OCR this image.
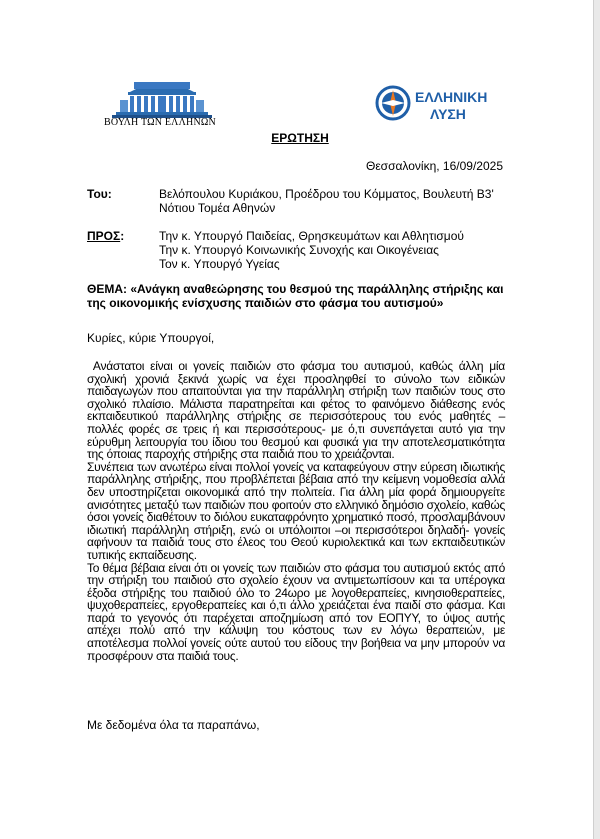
ΒΟΥΛΗ ΤΩΝ ΕΛΛΗΝΩΝ
ΕΛΛΗΝΙΚΗ
ΛΥΣΗ
ΕΡΩΤΗΣΗ
Θεσσαλονίκη, 16/09/2025
Του:	Βελόπουλου Κυριάκου, Προέδρου του Κόμματος, Βουλευτή Β3' Νότιου Τομέα Αθηνών
ΠΡΟΣ:	Την κ. Υπουργό Παιδείας, Θρησκευμάτων και Αθλητισμού
Την κ. Υπουργό Κοινωνικής Συνοχής και Οικογένειας
Τον κ. Υπουργό Υγείας
ΘΕΜΑ: «Ανάγκη αναθεώρησης του θεσμού της παράλληλης στήριξης και της οικονομικής ενίσχυσης παιδιών στο φάσμα του αυτισμού»
Κυρίες, κύριε Υπουργοί,

Ανάστατοι είναι οι γονείς παιδιών στο φάσμα του αυτισμού, καθώς άλλη μία σχολική χρονιά ξεκινά χωρίς να έχει προσληφθεί το σύνολο των ειδικών παιδαγωγών που απαιτούνται για την παράλληλη στήριξη των παιδιών τους στο σχολικό πλαίσιο. Μάλιστα παρατηρείται και φέτος το φαινόμενο διάθεσης ενός εκπαιδευτικού παράλληλης στήριξης σε περισσότερους του ενός μαθητές – πολλές φορές σε τρεις ή και περισσότερους- με ό,τι συνεπάγεται αυτό για την εύρυθμη λειτουργία του ίδιου του θεσμού και φυσικά για την αποτελεσματικότητα της όποιας παροχής στήριξης στα παιδιά που το χρειάζονται.

Συνέπεια των ανωτέρω είναι πολλοί γονείς να καταφεύγουν στην εύρεση ιδιωτικής παράλληλης στήριξης, που προβλέπεται βέβαια από την κείμενη νομοθεσία αλλά δεν υποστηρίζεται οικονομικά από την πολιτεία. Για άλλη μία φορά δημιουργείτε ανισότητες μεταξύ των παιδιών που φοιτούν στο ελληνικό δημόσιο σχολείο, καθώς όσοι γονείς διαθέτουν το διόλου ευκαταφρόνητο χρηματικό ποσό, προσλαμβάνουν ιδιωτική παράλληλη στήριξη, ενώ οι υπόλοιποι –οι περισσότεροι δηλαδή- γονείς αφήνουν τα παιδιά τους στο έλεος του Θεού κυριολεκτικά και των εκπαιδευτικών τυπικής εκπαίδευσης.

Το θέμα βέβαια είναι ότι οι γονείς των παιδιών στο φάσμα του αυτισμού εκτός από την στήριξη του παιδιού στο σχολείο έχουν να αντιμετωπίσουν και τα υπέρογκα έξοδα στήριξης του παιδιού όλο το 24ωρο με λογοθεραπείες, κινησιοθεραπείες, ψυχοθεραπείες, εργοθεραπείες και ό,τι άλλο χρειάζεται ένα παιδί στο φάσμα. Και παρά το γεγονός ότι παρέχεται αποζημίωση από τον ΕΟΠΥΥ, το ύψος αυτής απέχει πολύ από την κάλυψη του κόστους των εν λόγω θεραπειών, με αποτέλεσμα πολλοί γονείς ούτε αυτού του είδους την βοήθεια να μην μπορούν να προσφέρουν στα παιδιά τους.

Με δεδομένα όλα τα παραπάνω,
